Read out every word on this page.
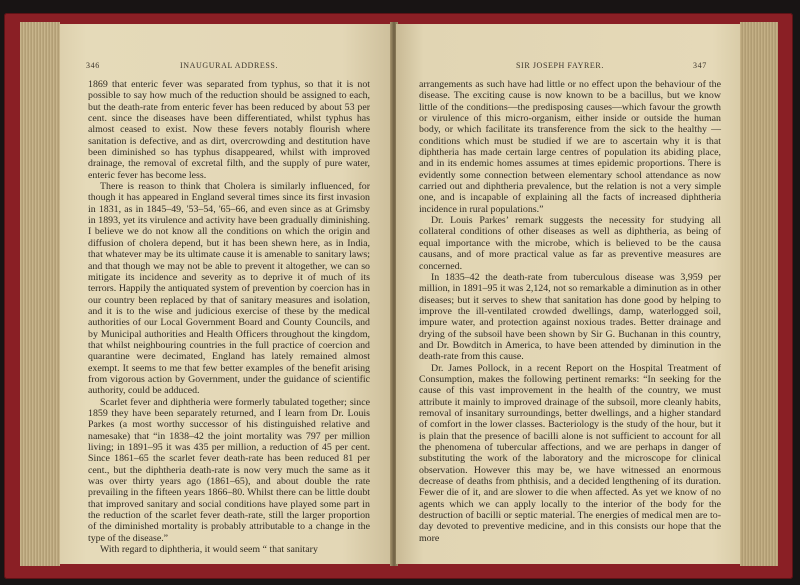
346	INAUGURAL ADDRESS.

1869 that enteric fever was separated from typhus, so that it is not possible to say how much of the reduction should be assigned to each, but the death-rate from enteric fever has been reduced by about 53 per cent. since the diseases have been differentiated, whilst typhus has almost ceased to exist. Now these fevers notably flourish where sanitation is defective, and as dirt, overcrowding and destitution have been diminished so has typhus disappeared, whilst with improved drainage, the removal of excretal filth, and the supply of pure water, enteric fever has become less.

There is reason to think that Cholera is similarly influenced, for though it has appeared in England several times since its first invasion in 1831, as in 1845–49, '53–54, '65–66, and even since as at Grimsby in 1893, yet its virulence and activity have been gradually diminishing. I believe we do not know all the conditions on which the origin and diffusion of cholera depend, but it has been shewn here, as in India, that whatever may be its ultimate cause it is amenable to sanitary laws; and that though we may not be able to prevent it altogether, we can so mitigate its incidence and severity as to deprive it of much of its terrors. Happily the antiquated system of prevention by coercion has in our country been replaced by that of sanitary measures and isolation, and it is to the wise and judicious exercise of these by the medical authorities of our Local Government Board and County Councils, and by Municipal authorities and Health Officers throughout the kingdom, that whilst neighbouring countries in the full practice of coercion and quarantine were decimated, England has lately remained almost exempt. It seems to me that few better examples of the benefit arising from vigorous action by Government, under the guidance of scientific authority, could be adduced.

Scarlet fever and diphtheria were formerly tabulated together; since 1859 they have been separately returned, and I learn from Dr. Louis Parkes (a most worthy successor of his distinguished relative and namesake) that “in 1838–42 the joint mortality was 797 per million living; in 1891–95 it was 435 per million, a reduction of 45 per cent. Since 1861–65 the scarlet fever death-rate has been reduced 81 per cent., but the diphtheria death-rate is now very much the same as it was over thirty years ago (1861–65), and about double the rate prevailing in the fifteen years 1866–80. Whilst there can be little doubt that improved sanitary and social conditions have played some part in the reduction of the scarlet fever death-rate, still the larger proportion of the diminished mortality is probably attributable to a change in the type of the disease.”

With regard to diphtheria, it would seem “ that sanitary

SIR JOSEPH FAYRER.	347

arrangements as such have had little or no effect upon the behaviour of the disease. The exciting cause is now known to be a bacillus, but we know little of the conditions—the predisposing causes—which favour the growth or virulence of this micro-organism, either inside or outside the human body, or which facilitate its transference from the sick to the healthy —conditions which must be studied if we are to ascertain why it is that diphtheria has made certain large centres of population its abiding place, and in its endemic homes assumes at times epidemic proportions. There is evidently some connection between elementary school attendance as now carried out and diphtheria prevalence, but the relation is not a very simple one, and is incapable of explaining all the facts of increased diphtheria incidence in rural populations.”

Dr. Louis Parkes’ remark suggests the necessity for studying all collateral conditions of other diseases as well as diphtheria, as being of equal importance with the microbe, which is believed to be the causa causans, and of more practical value as far as preventive measures are concerned.

In 1835–42 the death-rate from tuberculous disease was 3,959 per million, in 1891–95 it was 2,124, not so remarkable a diminution as in other diseases; but it serves to shew that sanitation has done good by helping to improve the ill-ventilated crowded dwellings, damp, waterlogged soil, impure water, and protection against noxious trades. Better drainage and drying of the subsoil have been shown by Sir G. Buchanan in this country, and Dr. Bowditch in America, to have been attended by diminution in the death-rate from this cause.

Dr. James Pollock, in a recent Report on the Hospital Treatment of Consumption, makes the following pertinent remarks: “In seeking for the cause of this vast improvement in the health of the country, we must attribute it mainly to improved drainage of the subsoil, more cleanly habits, removal of insanitary surroundings, better dwellings, and a higher standard of comfort in the lower classes. Bacteriology is the study of the hour, but it is plain that the presence of bacilli alone is not sufficient to account for all the phenomena of tubercular affections, and we are perhaps in danger of substituting the work of the laboratory and the microscope for clinical observation. However this may be, we have witnessed an enormous decrease of deaths from phthisis, and a decided lengthening of its duration. Fewer die of it, and are slower to die when affected. As yet we know of no agents which we can apply locally to the interior of the body for the destruction of bacilli or septic material. The energies of medical men are to-day devoted to preventive medicine, and in this consists our hope that the more
